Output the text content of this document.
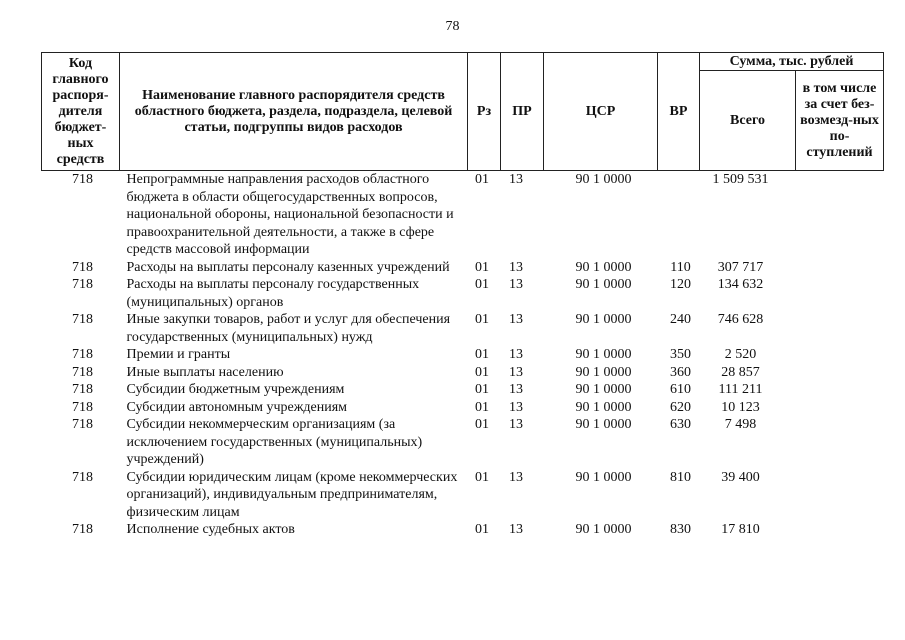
78
Код главного распоря-дителя бюджет-ных средств	Наименование главного распорядителя средств областного бюджета, раздела, подраздела, целевой статьи, подгруппы видов расходов	Рз	ПР	ЦСР	ВР	Сумма, тыс. рублей	
						Всего	в том числе за счет без-возмезд-ных по-ступлений
718	Непрограммные направления расходов областного бюджета в области общегосударственных вопросов, национальной обороны, национальной безопасности и правоохранительной деятельности, а также в сфере средств массовой информации	01	13	90 1 0000		1 509 531	
718	Расходы на выплаты персоналу казенных учреждений	01	13	90 1 0000	110	307 717	
718	Расходы на выплаты персоналу государственных (муниципальных) органов	01	13	90 1 0000	120	134 632	
718	Иные закупки товаров, работ и услуг для обеспечения государственных (муниципальных) нужд	01	13	90 1 0000	240	746 628	
718	Премии и гранты	01	13	90 1 0000	350	2 520	
718	Иные выплаты населению	01	13	90 1 0000	360	28 857	
718	Субсидии бюджетным учреждениям	01	13	90 1 0000	610	111 211	
718	Субсидии автономным учреждениям	01	13	90 1 0000	620	10 123	
718	Субсидии некоммерческим организациям (за исключением государственных (муниципальных) учреждений)	01	13	90 1 0000	630	7 498	
718	Субсидии юридическим лицам (кроме некоммерческих организаций), индивидуальным предпринимателям, физическим лицам	01	13	90 1 0000	810	39 400	
718	Исполнение судебных актов	01	13	90 1 0000	830	17 810	
